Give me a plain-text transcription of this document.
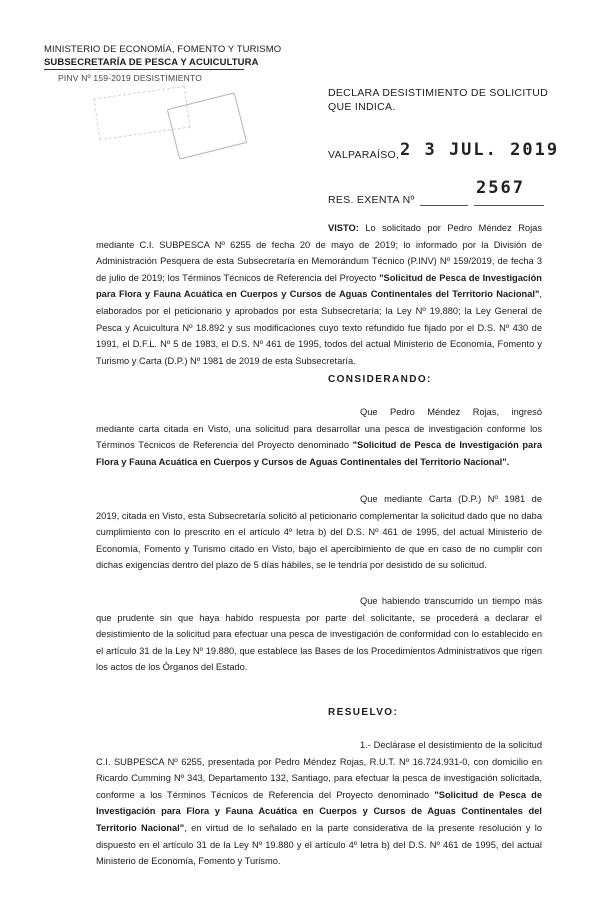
MINISTERIO DE ECONOMÍA, FOMENTO Y TURISMO
SUBSECRETARÍA DE PESCA Y ACUICULTURA
PINV Nº 159-2019 DESISTIMIENTO
DECLARA DESISTIMIENTO DE SOLICITUD QUE INDICA.
VALPARAÍSO, 2 3 JUL. 2019
RES. EXENTA Nº
2567
VISTO: Lo solicitado por Pedro Méndez Rojas mediante C.I. SUBPESCA Nº 6255 de fecha 20 de mayo de 2019; lo informado por la División de Administración Pesquera de esta Subsecretaría en Memorándum Técnico (P.INV) Nº 159/2019, de fecha 3 de julio de 2019; los Términos Técnicos de Referencia del Proyecto "Solicitud de Pesca de Investigación para Flora y Fauna Acuática en Cuerpos y Cursos de Aguas Continentales del Territorio Nacional", elaborados por el peticionario y aprobados por esta Subsecretaría; la Ley Nº 19.880; la Ley General de Pesca y Acuicultura Nº 18.892 y sus modificaciones cuyo texto refundido fue fijado por el D.S. Nº 430 de 1991, el D.F.L. Nº 5 de 1983, el D.S. Nº 461 de 1995, todos del actual Ministerio de Economía, Fomento y Turismo y Carta (D.P.) Nº 1981 de 2019 de esta Subsecretaría.
CONSIDERANDO:
Que Pedro Méndez Rojas, ingresó mediante carta citada en Visto, una solicitud para desarrollar una pesca de investigación conforme los Términos Técnicos de Referencia del Proyecto denominado "Solicitud de Pesca de Investigación para Flora y Fauna Acuática en Cuerpos y Cursos de Aguas Continentales del Territorio Nacional".
Que mediante Carta (D.P.) Nº 1981 de 2019, citada en Visto, esta Subsecretaría solicitó al peticionario complementar la solicitud dado que no daba cumplimiento con lo prescrito en el artículo 4º letra b) del D.S. Nº 461 de 1995, del actual Ministerio de Economía, Fomento y Turismo citado en Visto, bajo el apercibimiento de que en caso de no cumplir con dichas exigencias dentro del plazo de 5 días hábiles, se le tendría por desistido de su solicitud.
Que habiendo transcurrido un tiempo más que prudente sin que haya habido respuesta por parte del solicitante, se procederá a declarar el desistimiento de la solicitud para efectuar una pesca de investigación de conformidad con lo establecido en el artículo 31 de la Ley Nº 19.880, que establece las Bases de los Procedimientos Administrativos que rigen los actos de los Órganos del Estado.
RESUELVO:
1.- Declárase el desistimiento de la solicitud C.I. SUBPESCA Nº 6255, presentada por Pedro Méndez Rojas, R.U.T. Nº 16.724.931-0, con domicilio en Ricardo Cumming Nº 343, Departamento 132, Santiago, para efectuar la pesca de investigación solicitada, conforme a los Términos Técnicos de Referencia del Proyecto denominado "Solicitud de Pesca de Investigación para Flora y Fauna Acuática en Cuerpos y Cursos de Aguas Continentales del Territorio Nacional", en virtud de lo señalado en la parte considerativa de la presente resolución y lo dispuesto en el artículo 31 de la Ley Nº 19.880 y el artículo 4º letra b) del D.S. Nº 461 de 1995, del actual Ministerio de Economía, Fomento y Turismo.
